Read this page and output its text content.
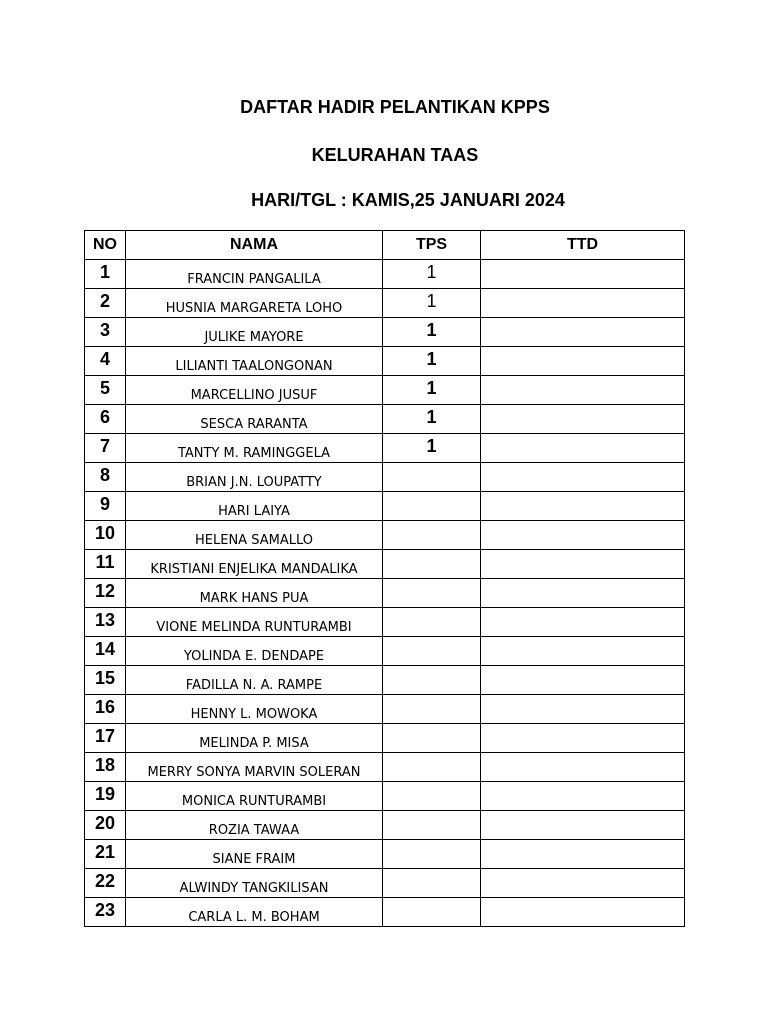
DAFTAR HADIR PELANTIKAN KPPS
KELURAHAN TAAS
HARI/TGL : KAMIS,25 JANUARI 2024
NO	NAMA	TPS	TTD
1	FRANCIN PANGALILA	1	
2	HUSNIA MARGARETA LOHO	1	
3	JULIKE MAYORE	1	
4	LILIANTI TAALONGONAN	1	
5	MARCELLINO JUSUF	1	
6	SESCA RARANTA	1	
7	TANTY M. RAMINGGELA	1	
8	BRIAN J.N. LOUPATTY		
9	HARI LAIYA		
10	HELENA SAMALLO		
11	KRISTIANI ENJELIKA MANDALIKA		
12	MARK HANS PUA		
13	VIONE MELINDA RUNTURAMBI		
14	YOLINDA E. DENDAPE		
15	FADILLA N. A. RAMPE		
16	HENNY L. MOWOKA		
17	MELINDA P. MISA		
18	MERRY SONYA MARVIN SOLERAN		
19	MONICA RUNTURAMBI		
20	ROZIA TAWAA		
21	SIANE FRAIM		
22	ALWINDY TANGKILISAN		
23	CARLA L. M. BOHAM		
